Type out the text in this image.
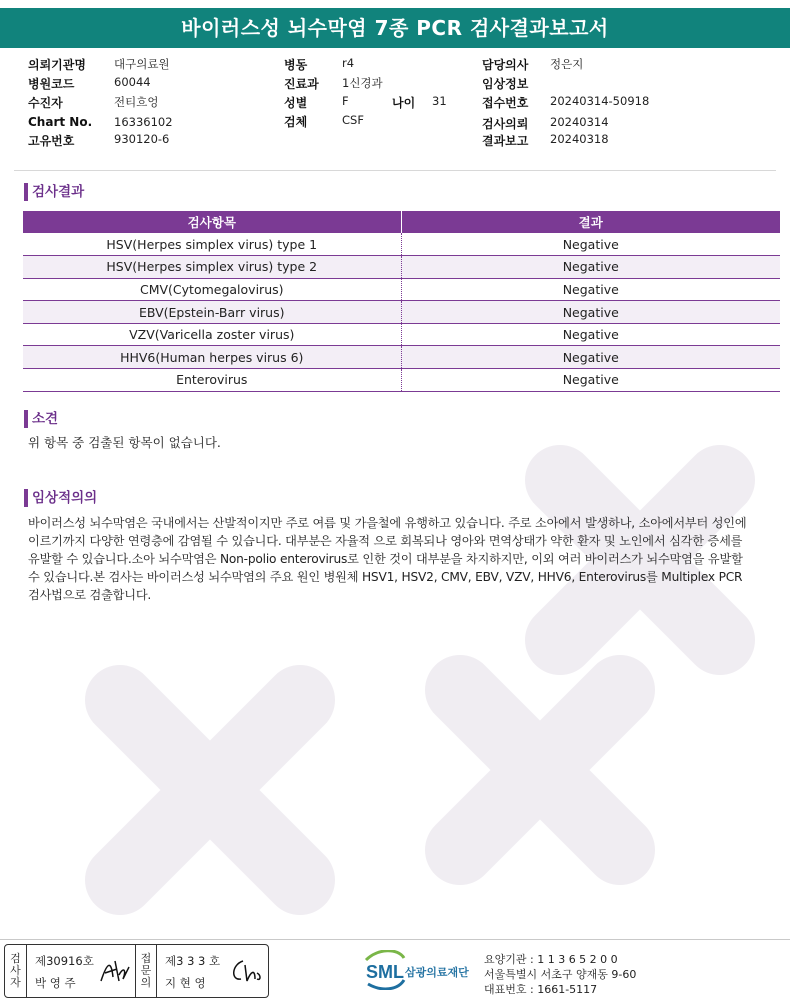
바이러스성 뇌수막염 7종 PCR 검사결과보고서
의뢰기관명 대구의료원
병원코드	60044
수진자	전티흐엉
Chart No. 16336102
고유번호	930120-6
병동	r4
진료과 1신경과
성별	F	나이 31
검체	CSF
담당의사 정은지
임상정보
접수번호 20240314-50918
검사의뢰 20240314
결과보고 20240318
검사결과
검사항목	결과
HSV(Herpes simplex virus) type 1	Negative
HSV(Herpes simplex virus) type 2	Negative
CMV(Cytomegalovirus)	Negative
EBV(Epstein-Barr virus)	Negative
VZV(Varicella zoster virus)	Negative
HHV6(Human herpes virus 6)	Negative
Enterovirus	Negative
소견
위 항목 중 검출된 항목이 없습니다.
임상적의의
바이러스성 뇌수막염은 국내에서는 산발적이지만 주로 여름 및 가을철에 유행하고 있습니다. 주로 소아에서 발생하나, 소아에서부터 성인에
이르기까지 다양한 연령층에 감염될 수 있습니다. 대부분은 자율적 으로 회복되나 영아와 면역상태가 약한 환자 및 노인에서 심각한 증세를
유발할 수 있습니다.소아 뇌수막염은 Non-polio enterovirus로 인한 것이 대부분을 차지하지만, 이외 여러 바이러스가 뇌수막염을 유발할
수 있습니다.본 검사는 바이러스성 뇌수막염의 주요 원인 병원체 HSV1, HSV2, CMV, EBV, VZV, HHV6, Enterovirus를 Multiplex PCR
검사법으로 검출합니다.
검
사
자
제30916호
박 영 주
접
문
의
제3 3 3 호
지 현 영
SML 삼광의료재단
요양기관 : 1 1 3 6 5 2 0 0
서울특별시 서초구 양재동 9-60
대표번호 : 1661-5117
